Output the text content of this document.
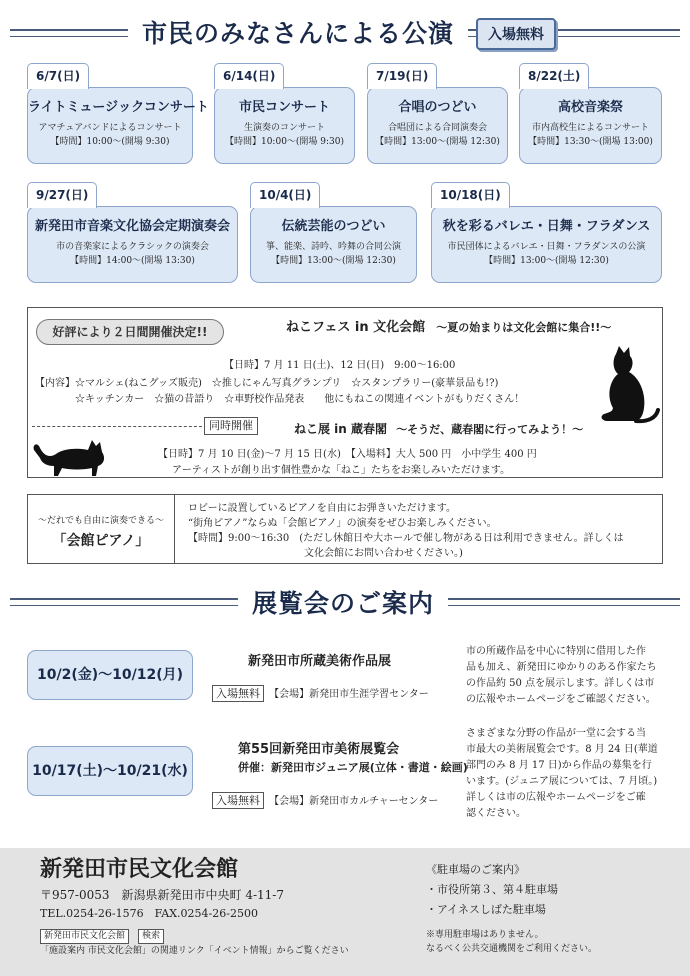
市民のみなさんによる公演	入場無料
6/7(日)
ライトミュージックコンサート
アマチュアバンドによるコンサート
【時間】10:00～(開場 9:30)
6/14(日)
市民コンサート
生演奏のコンサート
【時間】10:00～(開場 9:30)
7/19(日)
合唱のつどい
合唱団による合同演奏会
【時間】13:00～(開場 12:30)
8/22(土)
高校音楽祭
市内高校生によるコンサート
【時間】13:30～(開場 13:00)
9/27(日)
新発田市音楽文化協会定期演奏会
市の音楽家によるクラシックの演奏会
【時間】14:00～(開場 13:30)
10/4(日)
伝統芸能のつどい
箏、能楽、詩吟、吟舞の合同公演
【時間】13:00～(開場 12:30)
10/18(日)
秋を彩るバレエ・日舞・フラダンス
市民団体によるバレエ・日舞・フラダンスの公演
【時間】13:00～(開場 12:30)
好評により２日間開催決定!!	ねこフェス in 文化会館 ～夏の始まりは文化会館に集合!!～
【日時】7 月 11 日(土)、12 日(日)　9:00～16:00
【内容】☆マルシェ(ねこグッズ販売)　☆推しにゃん写真グランプリ　☆スタンプラリー(豪華景品も!?)
☆キッチンカー　☆猫の昔語り　☆車野校作品発表　　他にもねこの関連イベントがもりだくさん！
同時開催	ねこ展 in 蔵春閣 ～そうだ、蔵春閣に行ってみよう！～
【日時】7 月 10 日(金)～7 月 15 日(水)　【入場料】大人 500 円　小中学生 400 円
アーティストが創り出す個性豊かな「ねこ」たちをお楽しみいただけます。
～だれでも自由に演奏できる～
「会館ピアノ」
ロビーに設置しているピアノを自由にお弾きいただけます。
“街角ピアノ”ならぬ「会館ピアノ」の演奏をぜひお楽しみください。
【時間】9:00～16:30　(ただし休館日や大ホールで催し物がある日は利用できません。詳しくは
文化会館にお問い合わせください。)
展覧会のご案内
10/2(金)～10/12(月)
新発田市所蔵美術作品展
入場無料 【会場】新発田市生涯学習センター
市の所蔵作品を中心に特別に借用した作
品も加え、新発田にゆかりのある作家たち
の作品約 50 点を展示します。詳しくは市
の広報やホームページをご確認ください。
10/17(土)～10/21(水)
第55回新発田市美術展覧会
併催：新発田市ジュニア展(立体・書道・絵画)
入場無料 【会場】新発田市カルチャーセンター
さまざまな分野の作品が一堂に会する当
市最大の美術展覧会です。8 月 24 日(華道
部門のみ 8 月 17 日)から作品の募集を行
います。(ジュニア展については、7 月頃。)
詳しくは市の広報やホームページをご確
認ください。
新発田市民文化会館
〒957-0053　新潟県新発田市中央町 4-11-7
TEL.0254-26-1576　FAX.0254-26-2500
新発田市民文化会館 検索
「施設案内 市民文化会館」の関連リンク「イベント情報」からご覧ください
《駐車場のご案内》
・市役所第３、第４駐車場
・アイネスしばた駐車場
※専用駐車場はありません。
なるべく公共交通機関をご利用ください。
